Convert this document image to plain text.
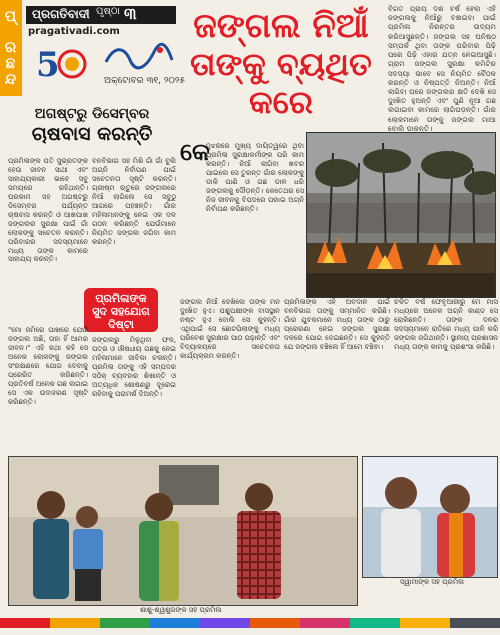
ପ୍ରଛନ୍ଦ	ପ୍ରଗତିବାଦୀ ପୃଷ୍ଠା ୩
pragativadi.com
5	ଅକ୍ଟୋବର ୩୧, ୨୦୨୫
ଜଙ୍ଗଲ ନିଆଁ
ତାଙ୍କୁ ବ୍ୟଥିତ
କରେ
ବିଗତ ପ୍ରାୟ ଦଶ ବର୍ଷ ହେଲା ଏହି ଜଙ୍ଗଲକୁ ନିଆଁରୁ ବଞ୍ଚାଇବା ପାଇଁ ପ୍ରମିଳା ନିରନ୍ତର ଉଦ୍ୟମ କରିଆସୁଛନ୍ତି। ଜଙ୍ଗଲ ସହ ଘନିଷ୍ଠ ସମ୍ପର୍କ ଥିବା ତାଙ୍କ ପରିବାର ପିଢ଼ି ପରେ ପିଢ଼ି ଏହାର ଯତ୍ନ ନେଇଆସୁଛି। ଗ୍ରାମ ଜଙ୍ଗଲ ସୁରକ୍ଷା କମିଟିର ସଦସ୍ୟା ଭାବେ ସେ ନିୟମିତ ବୈଠକ କରନ୍ତି ଓ ନିଷ୍ପତ୍ତି ନିଅନ୍ତି। ନିଆଁ ଲାଗିବା ପରେ ଜଙ୍ଗଲର କ୍ଷତି ଦେଖି ସେ ଦୁଃଖିତ ହୁଅନ୍ତି ଏବଂ ପୁଣି ନୂଆ ଗଛ ଲଗାଇବା କାମରେ ଲାଗିପଡ଼ନ୍ତି। ଗାଁର ଲୋକମାନେ ତାଙ୍କୁ ଜଙ୍ଗଲ ମାଆ ବୋଲି ଡାକନ୍ତି।
ଅଗଷ୍ଟରୁ ଡିସେମ୍ବର
ଚାଷବାସ କରନ୍ତି
ପ୍ରମିଳାଙ୍କ ପତି ସୁଭ୍ରତଙ୍କ ହେଉ ଜୀବନ ସାଥୀ ଏବଂ ସାହାଯ୍ୟକାରୀ ଭାବେ ସବୁ ସମୟରେ ରହିଥାନ୍ତି। ଘରକାମ ସହ ଅଗଷ୍ଟରୁ ଡିସେମ୍ବର ପର୍ଯ୍ୟନ୍ତ ଚାଷବାସ କରନ୍ତି ଓ ଆଖପାଖ ଜଙ୍ଗଲର ସୁରକ୍ଷା ପାଇଁ ଗାଁ ଲୋକଙ୍କୁ ସଚେତନ କରନ୍ତି। ପରିବାରର ସଦସ୍ୟମାନେ ମଧ୍ୟ ତାଙ୍କ କାମରେ ସାହାଯ୍ୟ କରନ୍ତି।
ବନବିଭାଗ ସହ ମିଶି ଗାଁ ଗାଁ ବୁଲି ଅଗ୍ନି ନିର୍ବାପଣ ପାଇଁ ସଚେତନତା ସୃଷ୍ଟି କରନ୍ତି। ଗ୍ରୀଷ୍ମ ଋତୁରେ ଜଙ୍ଗଲରେ ନିଆଁ ଲାଗିଲେ ସେ ସବୁଠୁ ଆଗରେ ପହଞ୍ଚନ୍ତି। ଗାଁର ମହିଳାମାନଙ୍କୁ ନେଇ ଏକ ଦଳ ଗଠନ କରିଛନ୍ତି ଯେଉଁମାନେ ନିୟମିତ ଜଙ୍ଗଲ ଜଗିବା କାମ କରନ୍ତି।
ପ୍ରମିଳାଙ୍କ
ସୁଦ ସହଯୋଗ
ଦିଷ୍ଟା
"ମୋ ଜମିରେ ପାଖରେ ଯେଉଁ ଜଙ୍ଗଲ ଅଛି, ତାହା ହିଁ ଆମର ଜୀବନ।" ଏହି କଥା କହି ସେ ଅନେକ ଲୋକଙ୍କୁ ଜଙ୍ଗଲ ସଂରକ୍ଷଣରେ ଯୋଗ ଦେବାକୁ ପ୍ରେରିତ କରିଛନ୍ତି। ପ୍ରତିବର୍ଷ ଅନେକ ଗଛ ଲଗାଇ ସେ ଏକ ଉଦାହରଣ ସୃଷ୍ଟି କରିଛନ୍ତି।
ଜଙ୍ଗଲରୁ ମିଳୁଥିବା ଫଳ, ପତ୍ର ଓ ଔଷଧୀୟ ଗଛକୁ ନେଇ ମହିଳାମାନେ ଜୀବିକା ଚଳାନ୍ତି। ପ୍ରମିଳା ତାଙ୍କୁ ଏହି ସମ୍ପଦର ସଠିକ୍ ବ୍ୟବହାର ଶିଖାନ୍ତି ଓ ଅତ୍ୟଧିକ ଶୋଷଣରୁ ଦୂରେଇ ରହିବାକୁ ପରାମର୍ଶ ଦିଅନ୍ତି।
କେ
ଦୁଝରରେ ମୁଖ୍ୟ ଦାୟିତ୍ୱରେ ଥିବା ପ୍ରମିଳା ସୁରକ୍ଷାକର୍ମୀଙ୍କ ପରି କାମ କରନ୍ତି। ନିଆଁ ଲାଗିବା ଖବର ପାଇଲେ ସେ ତୁରନ୍ତ ଗାଁର ଲୋକଙ୍କୁ ଡାକି ପାଣି ଓ ଗଛ ଡାଳ ଧରି ଜଙ୍ଗଲକୁ ଦୌଡ଼ନ୍ତି। କେତେଥର ସେ ନିଜ ଜୀବନକୁ ବିପଦରେ ପକାଇ ଅଗ୍ନି ନିର୍ବାପଣ କରିଛନ୍ତି।
ଜଙ୍ଗଲ ନିଆଁ ଦେଖିଲେ ତାଙ୍କ ମନ ଦୁଃଖିତ ହୁଏ। ପଶୁପକ୍ଷୀଙ୍କ ବାସସ୍ଥାନ ନଷ୍ଟ ହୁଏ ବୋଲି ସେ କୁହନ୍ତି। ଏଥିପାଇଁ ସେ ଛୋଟପିଲାଙ୍କୁ ମଧ୍ୟ ପରିବେଶ ସୁରକ୍ଷାର ପାଠ ପଢ଼ାନ୍ତି ଏବଂ ବିଦ୍ୟାଳୟରେ ସଚେତନତା କାର୍ଯ୍ୟକ୍ରମ କରନ୍ତି।
ପ୍ରମିଳାଙ୍କ ଏହି ଅବଦାନ ପାଇଁ ବନବିଭାଗ ତାଙ୍କୁ ସମ୍ମାନିତ କରିଛି। ଗାଁର ଯୁବକମାନେ ମଧ୍ୟ ତାଙ୍କ ଠାରୁ ପ୍ରେରଣା ନେଇ ଜଙ୍ଗଲ ସୁରକ୍ଷା ଦଳରେ ଯୋଗ ଦେଇଛନ୍ତି। ସେ କୁହନ୍ତି ଯେ ଜଙ୍ଗଲ ବଞ୍ଚିଲେ ହିଁ ଆମେ ବଞ୍ଚିବା।
ଚଳିତ ବର୍ଷ ଫେବୃଆରୀରୁ ମେ ମାସ ମଧ୍ୟରେ ଅନେକ ଅଗ୍ନି କାଣ୍ଡ ସେ ରୋକିଛନ୍ତି। ତାଙ୍କ ଦଳର ସଦସ୍ୟମାନେ ରାତିରେ ମଧ୍ୟ ପାଳି କରି ଜଙ୍ଗଲ ଜଗିଥାନ୍ତି। ସ୍ଥାନୀୟ ପ୍ରଶାସନ ମଧ୍ୟ ତାଙ୍କ କାମକୁ ପ୍ରଶଂସା କରିଛି।
ଶାଶୁ-ଶ୍ୱଶୁରଙ୍କ ସହ ପ୍ରମିଳା
ସ୍ୱାମୀଙ୍କ ସହ ପ୍ରମିଳା
